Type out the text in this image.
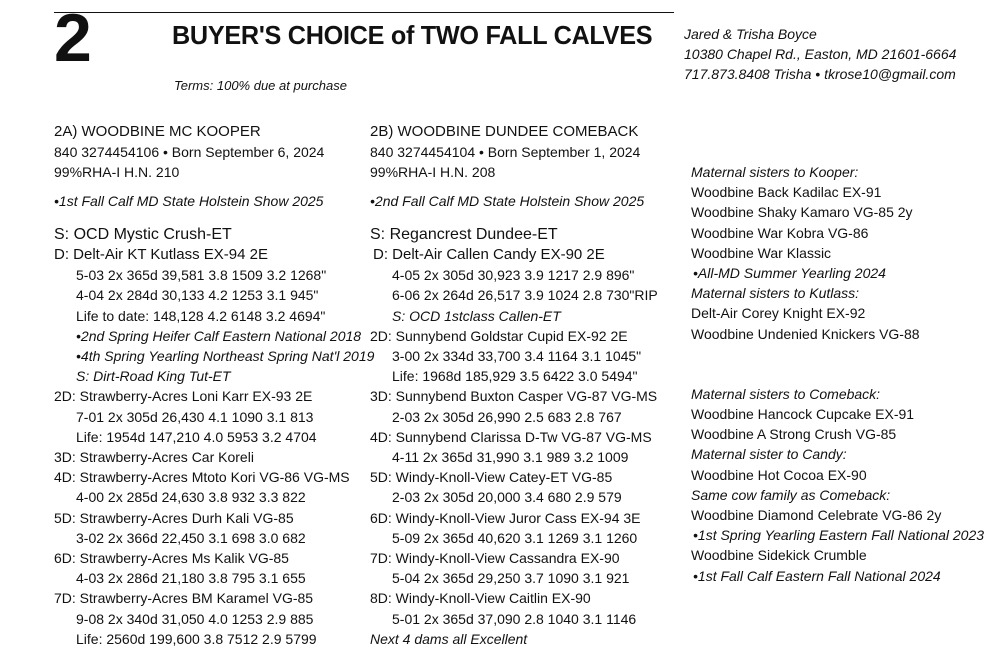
2	BUYER'S CHOICE of TWO FALL CALVES Jared & Trisha Boyce
10380 Chapel Rd., Easton, MD 21601-6664
717.873.8408 Trisha • tkrose10@gmail.com
Terms: 100% due at purchase
2A) WOODBINE MC KOOPER
840 3274454106 • Born September 6, 2024
99%RHA-I H.N. 210
•1st Fall Calf MD State Holstein Show 2025
S: OCD Mystic Crush-ET
D: Delt-Air KT Kutlass EX-94 2E
5-03 2x 365d 39,581 3.8 1509 3.2 1268"
4-04 2x 284d 30,133 4.2 1253 3.1 945"
Life to date: 148,128 4.2 6148 3.2 4694"
•2nd Spring Heifer Calf Eastern National 2018
•4th Spring Yearling Northeast Spring Nat'l 2019
S: Dirt-Road King Tut-ET
2D: Strawberry-Acres Loni Karr EX-93 2E
7-01 2x 305d 26,430 4.1 1090 3.1 813
Life: 1954d 147,210 4.0 5953 3.2 4704
3D: Strawberry-Acres Car Koreli
4D: Strawberry-Acres Mtoto Kori VG-86 VG-MS
4-00 2x 285d 24,630 3.8 932 3.3 822
5D: Strawberry-Acres Durh Kali VG-85
3-02 2x 366d 22,450 3.1 698 3.0 682
6D: Strawberry-Acres Ms Kalik VG-85
4-03 2x 286d 21,180 3.8 795 3.1 655
7D: Strawberry-Acres BM Karamel VG-85
9-08 2x 340d 31,050 4.0 1253 2.9 885
Life: 2560d 199,600 3.8 7512 2.9 5799
2B) WOODBINE DUNDEE COMEBACK
840 3274454104 • Born September 1, 2024
99%RHA-I H.N. 208
•2nd Fall Calf MD State Holstein Show 2025
S: Regancrest Dundee-ET
D: Delt-Air Callen Candy EX-90 2E
4-05 2x 305d 30,923 3.9 1217 2.9 896"
6-06 2x 264d 26,517 3.9 1024 2.8 730"RIP
S: OCD 1stclass Callen-ET
2D: Sunnybend Goldstar Cupid EX-92 2E
3-00 2x 334d 33,700 3.4 1164 3.1 1045"
Life: 1968d 185,929 3.5 6422 3.0 5494"
3D: Sunnybend Buxton Casper VG-87 VG-MS
2-03 2x 305d 26,990 2.5 683 2.8 767
4D: Sunnybend Clarissa D-Tw VG-87 VG-MS
4-11 2x 365d 31,990 3.1 989 3.2 1009
5D: Windy-Knoll-View Catey-ET VG-85
2-03 2x 305d 20,000 3.4 680 2.9 579
6D: Windy-Knoll-View Juror Cass EX-94 3E
5-09 2x 365d 40,620 3.1 1269 3.1 1260
7D: Windy-Knoll-View Cassandra EX-90
5-04 2x 365d 29,250 3.7 1090 3.1 921
8D: Windy-Knoll-View Caitlin EX-90
5-01 2x 365d 37,090 2.8 1040 3.1 1146
Next 4 dams all Excellent
Maternal sisters to Kooper:
Woodbine Back Kadilac EX-91
Woodbine Shaky Kamaro VG-85 2y
Woodbine War Kobra VG-86
Woodbine War Klassic
•All-MD Summer Yearling 2024
Maternal sisters to Kutlass:
Delt-Air Corey Knight EX-92
Woodbine Undenied Knickers VG-88
Maternal sisters to Comeback:
Woodbine Hancock Cupcake EX-91
Woodbine A Strong Crush VG-85
Maternal sister to Candy:
Woodbine Hot Cocoa EX-90
Same cow family as Comeback:
Woodbine Diamond Celebrate VG-86 2y
•1st Spring Yearling Eastern Fall National 2023
Woodbine Sidekick Crumble
•1st Fall Calf Eastern Fall National 2024
